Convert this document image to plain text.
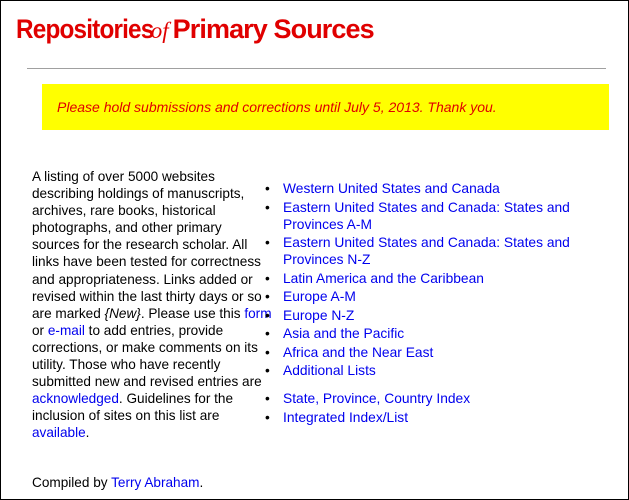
Repositoriesof Primary Sources
Please hold submissions and corrections until July 5, 2013. Thank you.
A listing of over 5000 websites describing holdings of manuscripts, archives, rare books, historical photographs, and other primary sources for the research scholar. All links have been tested for correctness and appropriateness. Links added or revised within the last thirty days or so are marked {New}. Please use this form or e-mail to add entries, provide corrections, or make comments on its utility. Those who have recently submitted new and revised entries are acknowledged. Guidelines for the inclusion of sites on this list are available.
Compiled by Terry Abraham.
• Western United States and Canada
• Eastern United States and Canada: States and Provinces A-M
• Eastern United States and Canada: States and Provinces N-Z
• Latin America and the Caribbean
• Europe A-M
• Europe N-Z
• Asia and the Pacific
• Africa and the Near East
• Additional Lists
• State, Province, Country Index
• Integrated Index/List
